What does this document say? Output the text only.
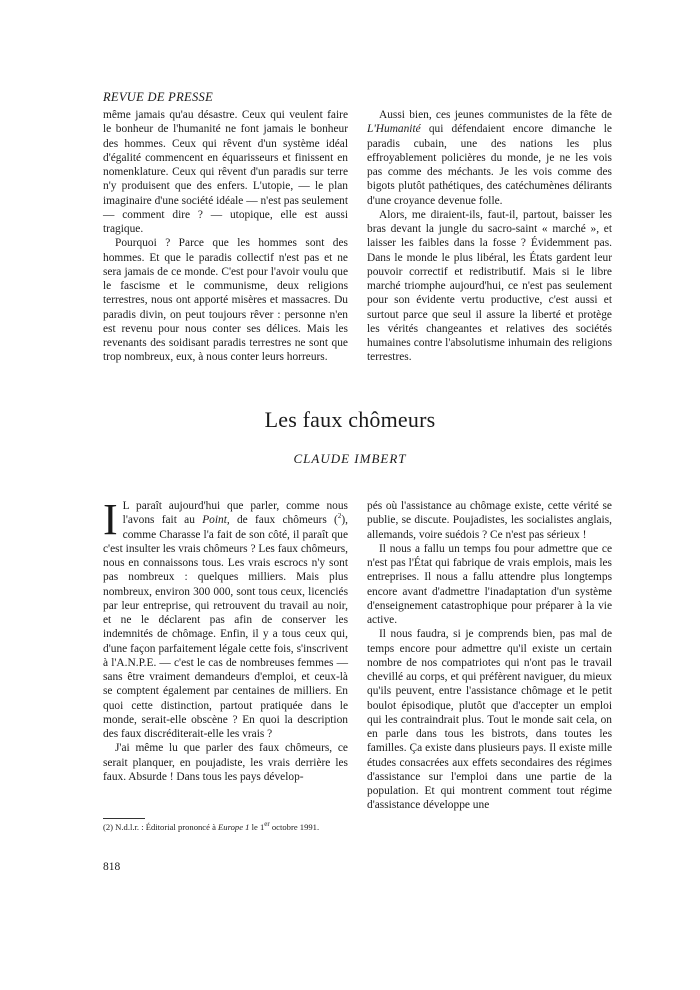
REVUE DE PRESSE

même jamais qu'au désastre. Ceux qui veulent faire le bonheur de l'humanité ne font jamais le bonheur des hommes. Ceux qui rêvent d'un système idéal d'égalité commencent en équarisseurs et finissent en nomenklature. Ceux qui rêvent d'un paradis sur terre n'y produisent que des enfers. L'utopie, — le plan imaginaire d'une société idéale — n'est pas seulement — comment dire ? — utopique, elle est aussi tragique.

Pourquoi ? Parce que les hommes sont des hommes. Et que le paradis collectif n'est pas et ne sera jamais de ce monde. C'est pour l'avoir voulu que le fascisme et le communisme, deux religions terrestres, nous ont apporté misères et massacres. Du paradis divin, on peut toujours rêver : personne n'en est revenu pour nous conter ses délices. Mais les revenants des soidisant paradis terrestres ne sont que trop nombreux, eux, à nous conter leurs horreurs.

Aussi bien, ces jeunes communistes de la fête de L'Humanité qui défendaient encore dimanche le paradis cubain, une des nations les plus effroyablement policières du monde, je ne les vois pas comme des méchants. Je les vois comme des bigots plutôt pathétiques, des catéchumènes délirants d'une croyance devenue folle.

Alors, me diraient-ils, faut-il, partout, baisser les bras devant la jungle du sacro-saint « marché », et laisser les faibles dans la fosse ? Évidemment pas. Dans le monde le plus libéral, les États gardent leur pouvoir correctif et redistributif. Mais si le libre marché triomphe aujourd'hui, ce n'est pas seulement pour son évidente vertu productive, c'est aussi et surtout parce que seul il assure la liberté et protège les vérités changeantes et relatives des sociétés humaines contre l'absolutisme inhumain des religions terrestres.

Les faux chômeurs
CLAUDE IMBERT

I L paraît aujourd'hui que parler, comme nous l'avons fait au Point, de faux chômeurs ($^2$), comme Charasse l'a fait de son côté, il paraît que c'est insulter les vrais chômeurs ? Les faux chômeurs, nous en connaissons tous. Les vrais escrocs n'y sont pas nombreux : quelques milliers. Mais plus nombreux, environ 300 000, sont tous ceux, licenciés par leur entreprise, qui retrouvent du travail au noir, et ne le déclarent pas afin de conserver les indemnités de chômage. Enfin, il y a tous ceux qui, d'une façon parfaitement légale cette fois, s'inscrivent à l'A.N.P.E. — c'est le cas de nombreuses femmes — sans être vraiment demandeurs d'emploi, et ceux-là se comptent également par centaines de milliers. En quoi cette distinction, partout pratiquée dans le monde, serait-elle obscène ? En quoi la description des faux discréditerait-elle les vrais ?

J'ai même lu que parler des faux chômeurs, ce serait planquer, en poujadiste, les vrais derrière les faux. Absurde ! Dans tous les pays dévelop-

pés où l'assistance au chômage existe, cette vérité se publie, se discute. Poujadistes, les socialistes anglais, allemands, voire suédois ? Ce n'est pas sérieux !

Il nous a fallu un temps fou pour admettre que ce n'est pas l'État qui fabrique de vrais emplois, mais les entreprises. Il nous a fallu attendre plus longtemps encore avant d'admettre l'inadaptation d'un système d'enseignement catastrophique pour préparer à la vie active.

Il nous faudra, si je comprends bien, pas mal de temps encore pour admettre qu'il existe un certain nombre de nos compatriotes qui n'ont pas le travail chevillé au corps, et qui préfèrent naviguer, du mieux qu'ils peuvent, entre l'assistance chômage et le petit boulot épisodique, plutôt que d'accepter un emploi qui les contraindrait plus. Tout le monde sait cela, on en parle dans tous les bistrots, dans toutes les familles. Ça existe dans plusieurs pays. Il existe mille études consacrées aux effets secondaires des régimes d'assistance sur l'emploi dans une partie de la population. Et qui montrent comment tout régime d'assistance développe une

(2) N.d.l.r. : Éditorial prononcé à Europe 1 le 1er octobre 1991.
818
